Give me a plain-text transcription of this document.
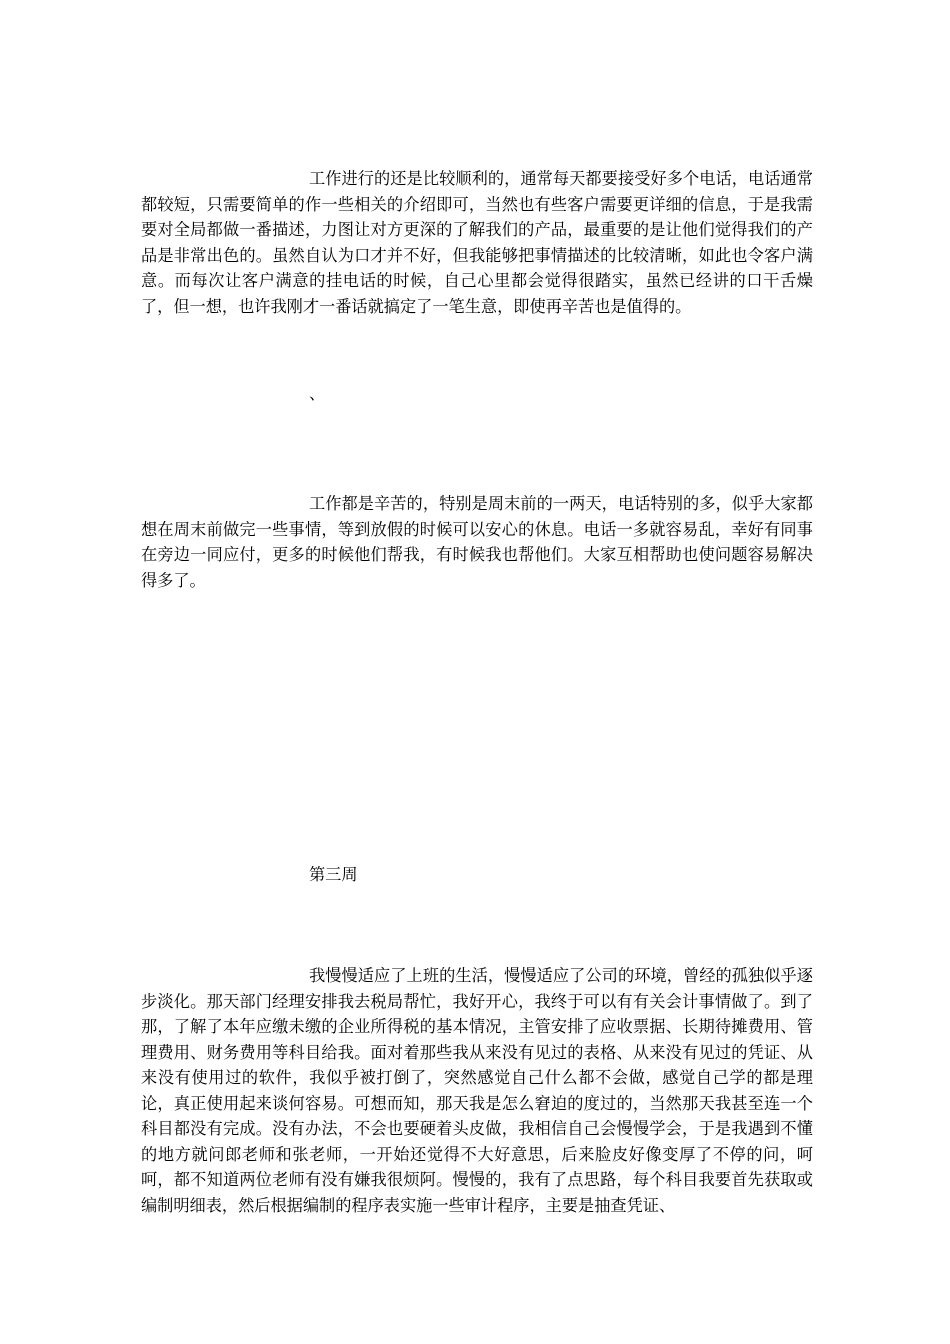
工作进行的还是比较顺利的，通常每天都要接受好多个电话，电话通常都较短，只需要简单的作一些相关的介绍即可，当然也有些客户需要更详细的信息，于是我需要对全局都做一番描述，力图让对方更深的了解我们的产品，最重要的是让他们觉得我们的产品是非常出色的。虽然自认为口才并不好，但我能够把事情描述的比较清晰，如此也令客户满意。而每次让客户满意的挂电话的时候，自己心里都会觉得很踏实，虽然已经讲的口干舌燥了，但一想，也许我刚才一番话就搞定了一笔生意，即使再辛苦也是值得的。

、

工作都是辛苦的，特别是周末前的一两天，电话特别的多，似乎大家都想在周末前做完一些事情，等到放假的时候可以安心的休息。电话一多就容易乱，幸好有同事在旁边一同应付，更多的时候他们帮我，有时候我也帮他们。大家互相帮助也使问题容易解决得多了。

第三周

我慢慢适应了上班的生活，慢慢适应了公司的环境，曾经的孤独似乎逐步淡化。那天部门经理安排我去税局帮忙，我好开心，我终于可以有有关会计事情做了。到了那，了解了本年应缴未缴的企业所得税的基本情况，主管安排了应收票据、长期待摊费用、管理费用、财务费用等科目给我。面对着那些我从来没有见过的表格、从来没有见过的凭证、从来没有使用过的软件，我似乎被打倒了，突然感觉自己什么都不会做，感觉自己学的都是理论，真正使用起来谈何容易。可想而知，那天我是怎么窘迫的度过的，当然那天我甚至连一个科目都没有完成。没有办法，不会也要硬着头皮做，我相信自己会慢慢学会，于是我遇到不懂的地方就问郎老师和张老师，一开始还觉得不大好意思，后来脸皮好像变厚了不停的问，呵呵，都不知道两位老师有没有嫌我很烦阿。慢慢的，我有了点思路，每个科目我要首先获取或编制明细表，然后根据编制的程序表实施一些审计程序，主要是抽查凭证、
